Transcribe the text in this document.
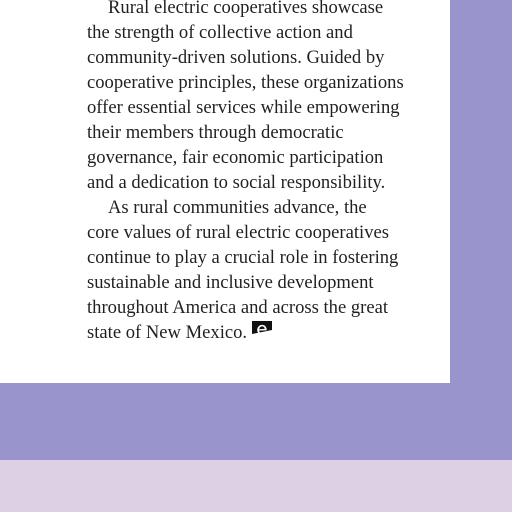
Rural electric cooperatives showcase
the strength of collective action and
community-driven solutions. Guided by
cooperative principles, these organizations
offer essential services while empowering
their members through democratic
governance, fair economic participation
and a dedication to social responsibility.

As rural communities advance, the
core values of rural electric cooperatives
continue to play a crucial role in fostering
sustainable and inclusive development
throughout America and across the great
state of New Mexico.
